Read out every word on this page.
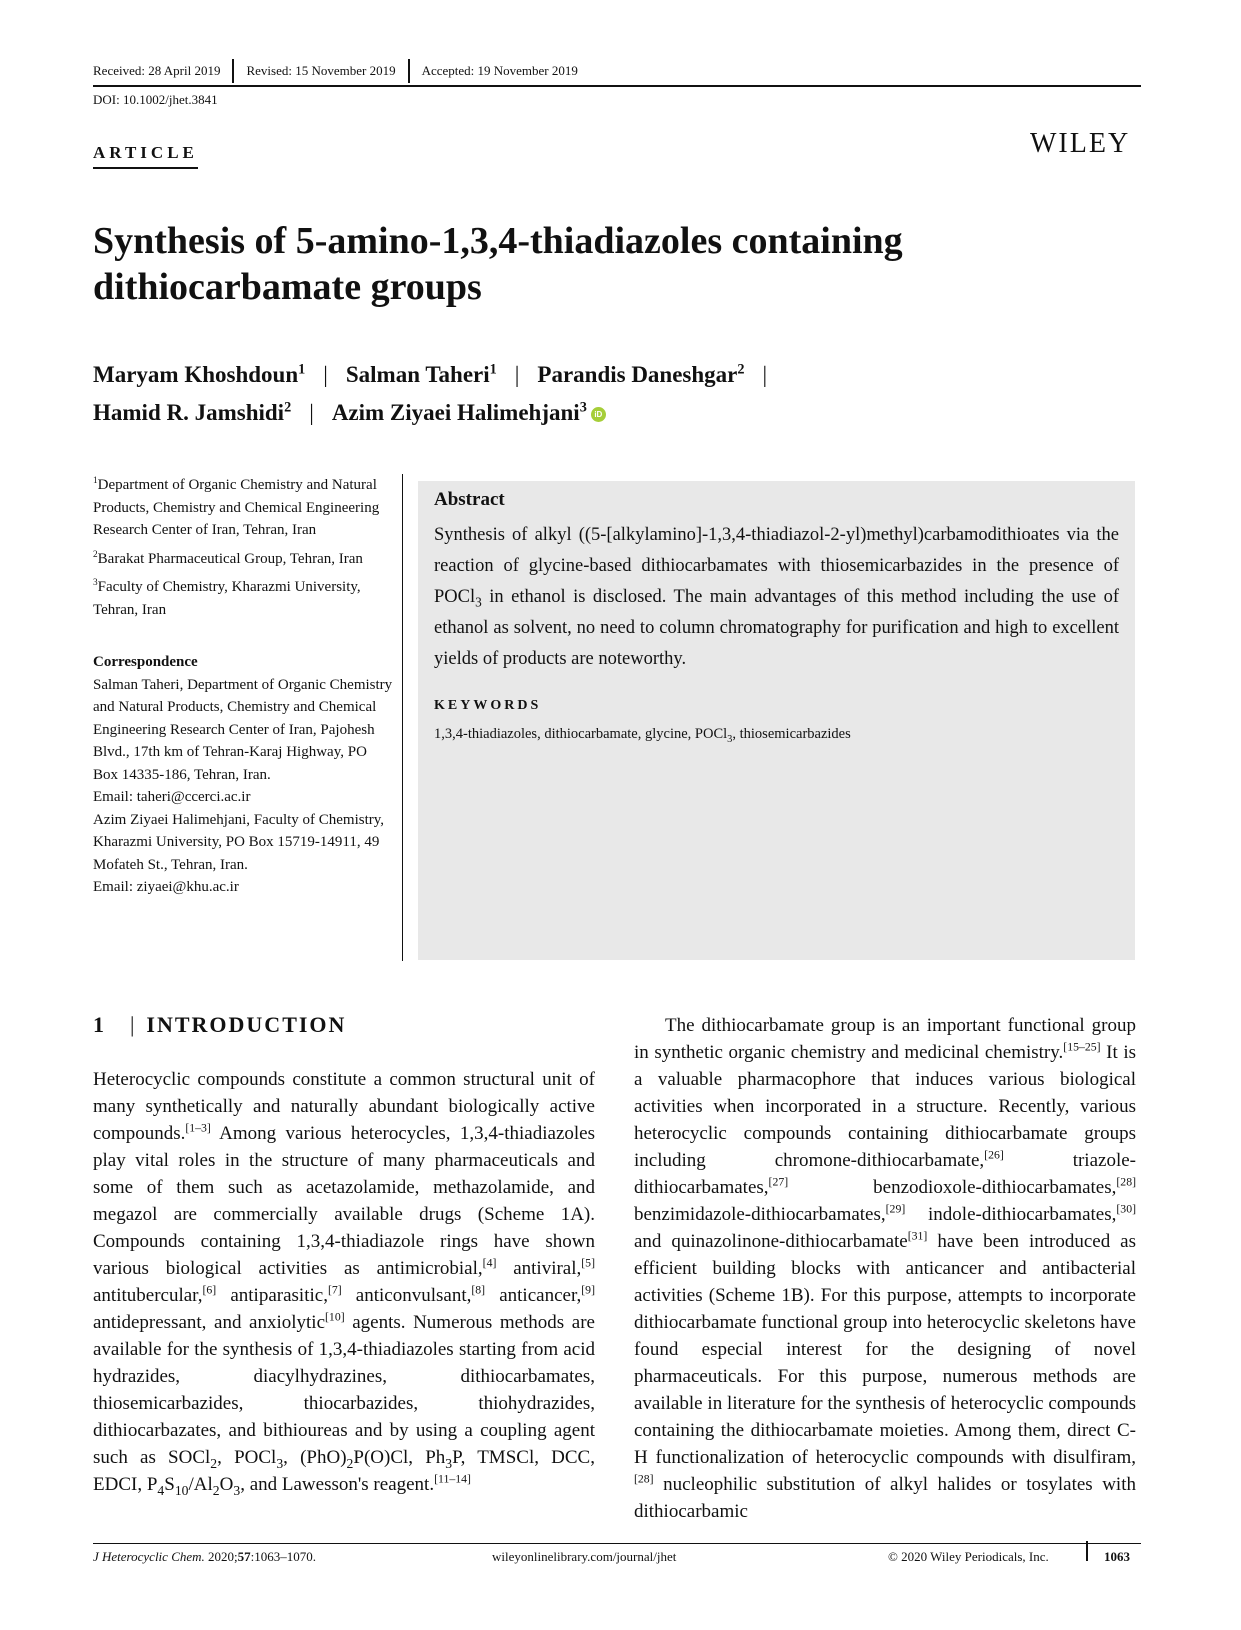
Received: 28 April 2019 Revised: 15 November 2019 Accepted: 19 November 2019
DOI: 10.1002/jhet.3841
ARTICLE	WILEY
Synthesis of 5-amino-1,3,4-thiadiazoles containing dithiocarbamate groups
Maryam Khoshdoun$^1$ | Salman Taheri$^1$ | Parandis Daneshgar$^2$ |
Hamid R. Jamshidi$^2$ | Azim Ziyaei Halimehjani$^3$ iD

$^1$Department of Organic Chemistry and Natural Products, Chemistry and Chemical Engineering Research Center of Iran, Tehran, Iran

$^2$Barakat Pharmaceutical Group, Tehran, Iran

$^3$Faculty of Chemistry, Kharazmi University, Tehran, Iran

Correspondence
Salman Taheri, Department of Organic Chemistry and Natural Products, Chemistry and Chemical Engineering Research Center of Iran, Pajohesh Blvd., 17th km of Tehran-Karaj Highway, PO Box 14335-186, Tehran, Iran.
Email: taheri@ccerci.ac.ir
Azim Ziyaei Halimehjani, Faculty of Chemistry, Kharazmi University, PO Box 15719-14911, 49 Mofateh St., Tehran, Iran.
Email: ziyaei@khu.ac.ir
Abstract
Synthesis of alkyl ((5-[alkylamino]-1,3,4-thiadiazol-2-yl)methyl)carbamodithioates via the reaction of glycine-based dithiocarbamates with thiosemicarbazides in the presence of POCl$_3$ in ethanol is disclosed. The main advantages of this method including the use of ethanol as solvent, no need to column chromatography for purification and high to excellent yields of products are noteworthy.
KEYWORDS
1,3,4-thiadiazoles, dithiocarbamate, glycine, POCl$_3$, thiosemicarbazides
1 | INTRODUCTION

Heterocyclic compounds constitute a common structural unit of many synthetically and naturally abundant biologically active compounds.[1–3] Among various heterocycles, 1,3,4-thiadiazoles play vital roles in the structure of many pharmaceuticals and some of them such as acetazolamide, methazolamide, and megazol are commercially available drugs (Scheme 1A). Compounds containing 1,3,4-thiadiazole rings have shown various biological activities as antimicrobial,[4] antiviral,[5] antitubercular,[6] antiparasitic,[7] anticonvulsant,[8] anticancer,[9] antidepressant, and anxiolytic[10] agents. Numerous methods are available for the synthesis of 1,3,4-thiadiazoles starting from acid hydrazides, diacylhydrazines, dithiocarbamates, thiosemicarbazides, thiocarbazides, thiohydrazides, dithiocarbazates, and bithioureas and by using a coupling agent such as SOCl$_2$, POCl$_3$, $(PhO)_2P(O)Cl$, $Ph_3P$, TMSCl, DCC, EDCI, $P_4S_{10}/Al_2O_3$, and Lawesson's reagent.[11–14]

The dithiocarbamate group is an important functional group in synthetic organic chemistry and medicinal chemistry.[15–25] It is a valuable pharmacophore that induces various biological activities when incorporated in a structure. Recently, various heterocyclic compounds containing dithiocarbamate groups including chromone-dithiocarbamate,[26] triazole-dithiocarbamates,[27] benzodioxole-dithiocarbamates,[28] benzimidazole-dithiocarbamates,[29] indole-dithiocarbamates,[30] and quinazolinone-dithiocarbamate[31] have been introduced as efficient building blocks with anticancer and antibacterial activities (Scheme 1B). For this purpose, attempts to incorporate dithiocarbamate functional group into heterocyclic skeletons have found especial interest for the designing of novel pharmaceuticals. For this purpose, numerous methods are available in literature for the synthesis of heterocyclic compounds containing the dithiocarbamate moieties. Among them, direct C-H functionalization of heterocyclic compounds with disulfiram,[28] nucleophilic substitution of alkyl halides or tosylates with dithiocarbamic

J Heterocyclic Chem. 2020;57:1063–1070.	wileyonlinelibrary.com/journal/jhet	© 2020 Wiley Periodicals, Inc.	1063
